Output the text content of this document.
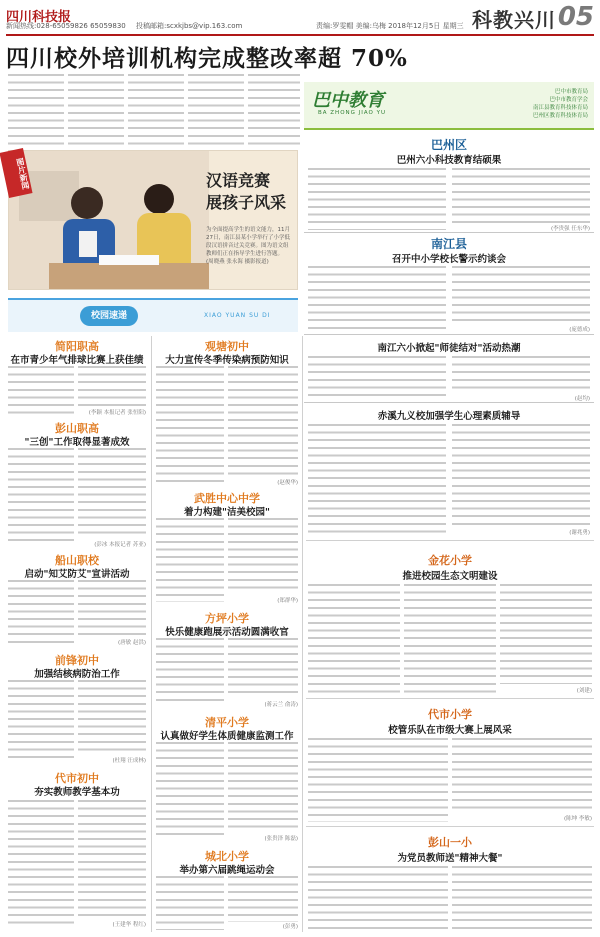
四川科技报	科教兴川 05
新闻热线:028-65059826 65059830 投稿邮箱:scxkjbs@vip.163.com	责编:罗雯帽 美编:乌梅 2018年12月5日 星期三
四川校外培训机构完成整改率超 70%
图片新闻	汉语竞赛
展孩子风采
为全面提高学生的语文能力，11月27日，南江县某小学举行了小学低段汉语拼音过关竞赛。图为语文组教师们正在指导学生进行答题。 (周晓燕 张永海 摄影报道)
巴中教育
BA ZHONG JIAO YU
巴中市教育局
巴中市教育学会
南江县教育科技体育局
巴州区教育科技体育局
巴州区
巴州六小科技教育结硕果
(李贵强 任东华)
南江县
召开中小学校长警示约谈会
(庞德成)
南江六小掀起"师徒结对"活动热潮
(赵均)
赤溪九义校加强学生心理素质辅导
(谢兆勇)
校园速递	XIAO YUAN SU DI
简阳职高
在市青少年气排球比赛上获佳绩
(李颖 本报记者 张恒阳)
彭山职高
"三创"工作取得显著成效
(彭冰 本报记者 苏亚)
船山职校
启动"知艾防艾"宣讲活动
(唐敏 赵洪)
前锋初中
加强结核病防治工作
(杜翔 汪成林)
代市初中
夯实教师教学基本功
(王建华 程红)
观塘初中
大力宣传冬季传染病预防知识
(赵俊华)
武胜中心中学
着力构建"洁美校园"
(郑群华)
方坪小学
快乐健康跑展示活动圆满收官
(蒋云兰 俞涛)
清平小学
认真做好学生体质健康监测工作
(张贵泽 陈磊)
城北小学
举办第六届跳绳运动会
(彭勇)
金花小学
推进校园生态文明建设
(刘建)
代市小学
校管乐队在市级大赛上展风采
(陈坤 李敏)
彭山一小
为党员教师送"精神大餐"
